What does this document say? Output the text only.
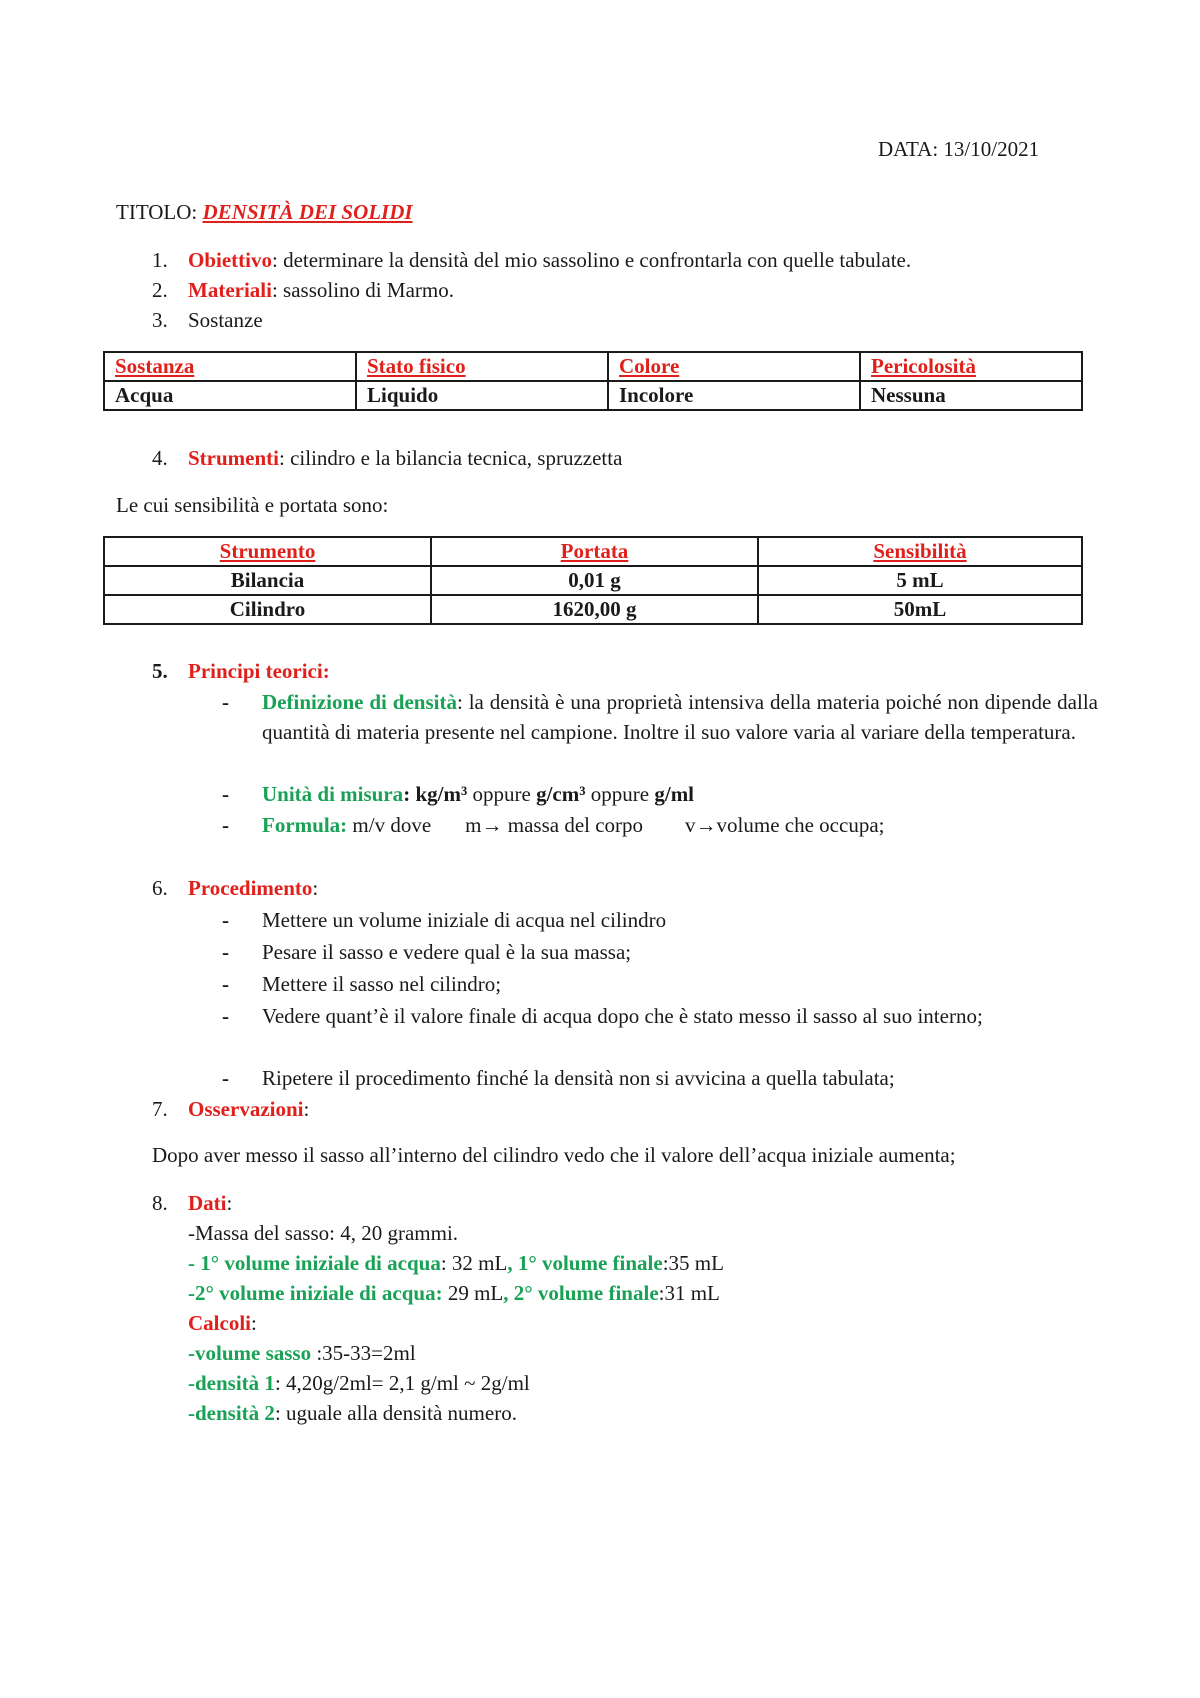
DATA: 13/10/2021
TITOLO: DENSITÀ DEI SOLIDI
1. Obiettivo: determinare la densità del mio sassolino e confrontarla con quelle tabulate.
2. Materiali: sassolino di Marmo.
3. Sostanze
Sostanza	Stato fisico	Colore	Pericolosità
Acqua	Liquido	Incolore	Nessuna
4. Strumenti: cilindro e la bilancia tecnica, spruzzetta
Le cui sensibilità e portata sono:
Strumento	Portata	Sensibilità
Bilancia	0,01 g	5 mL
Cilindro	1620,00 g	50mL
5. Principi teorici:
-	Definizione di densità: la densità è una proprietà intensiva della materia poiché non dipende dalla quantità di materia presente nel campione. Inoltre il suo valore varia al variare della temperatura.
-	Unità di misura: kg/m³ oppure g/cm³ oppure g/ml
-	Formula: m/v dove m→ massa del corpo v→volume che occupa;
6. Procedimento:
-	Mettere un volume iniziale di acqua nel cilindro
-	Pesare il sasso e vedere qual è la sua massa;
-	Mettere il sasso nel cilindro;
-	Vedere quant’è il valore finale di acqua dopo che è stato messo il sasso al suo interno;
-	Ripetere il procedimento finché la densità non si avvicina a quella tabulata;
7. Osservazioni:
Dopo aver messo il sasso all’interno del cilindro vedo che il valore dell’acqua iniziale aumenta;
8. Dati:
-Massa del sasso: 4, 20 grammi.
- 1° volume iniziale di acqua: 32 mL, 1° volume finale:35 mL
-2° volume iniziale di acqua: 29 mL, 2° volume finale:31 mL
Calcoli:
-volume sasso :35-33=2ml
-densità 1: 4,20g/2ml= 2,1 g/ml ~ 2g/ml
-densità 2: uguale alla densità numero.
